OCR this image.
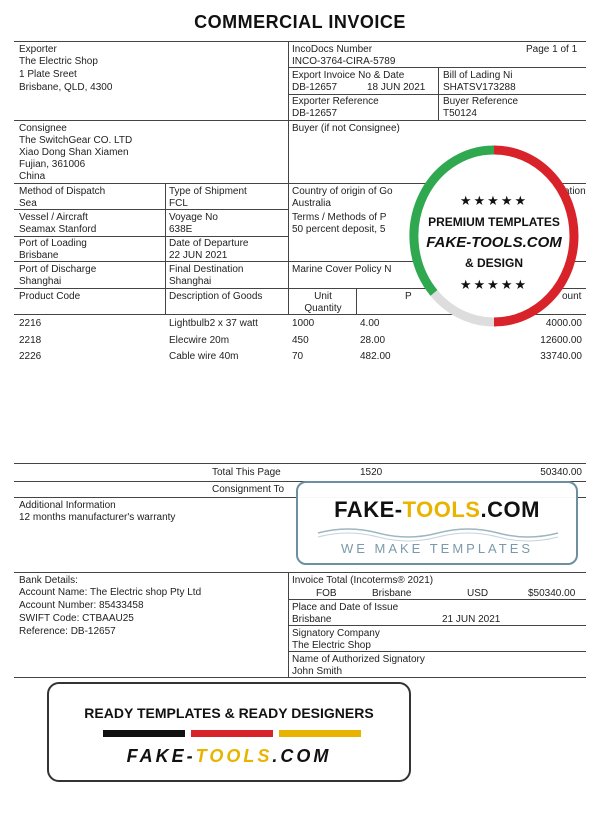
COMMERCIAL INVOICE
Exporter
The Electric Shop
1 Plate Sreet
Brisbane, QLD, 4300
IncoDocs Number	Page 1 of 1
INCO-3764-CIRA-5789
Export Invoice No & Date
DB-12657	18 JUN 2021
Bill of Lading Ni
SHATSV173288
Exporter Reference
DB-12657
Buyer Reference
T50124
Consignee
The SwitchGear CO. LTD
Xiao Dong Shan Xiamen
Fujian, 361006
China
Buyer (if not Consignee)
Method of Dispatch
Sea
Type of Shipment
FCL
Country of origin of Go	ation
Australia
Vessel / Aircraft
Seamax Stanford
Voyage No
638E
Terms / Methods of P
50 percent deposit, 5
Port of Loading
Brisbane
Date of Departure
22 JUN 2021
Port of Discharge
Shanghai
Final Destination
Shanghai
Marine Cover Policy N
Product Code	Description of Goods	Unit
Quantity
P	ount
2216	Lightbulb2 x 37 watt	1000	4.00	4000.00
2218	Elecwire 20m	450	28.00	12600.00
2226	Cable wire 40m	70	482.00	33740.00
Total This Page	1520	50340.00
Consignment To
Additional Information
12 months manufacturer's warranty
Bank Details:
Account Name: The Electric shop Pty Ltd
Account Number: 85433458
SWIFT Code: CTBAAU25
Reference: DB-12657
Invoice Total (Incoterms® 2021)
FOB	Brisbane	USD	$50340.00
Place and Date of Issue
Brisbane	21 JUN 2021
Signatory Company
The Electric Shop
Name of Authorized Signatory
John Smith
★★★★★
PREMIUM TEMPLATES
FAKE-TOOLS.COM
& DESIGN
★★★★★
FAKE-TOOLS.COM
WE MAKE TEMPLATES
READY TEMPLATES & READY DESIGNERS
FAKE-TOOLS.COM
